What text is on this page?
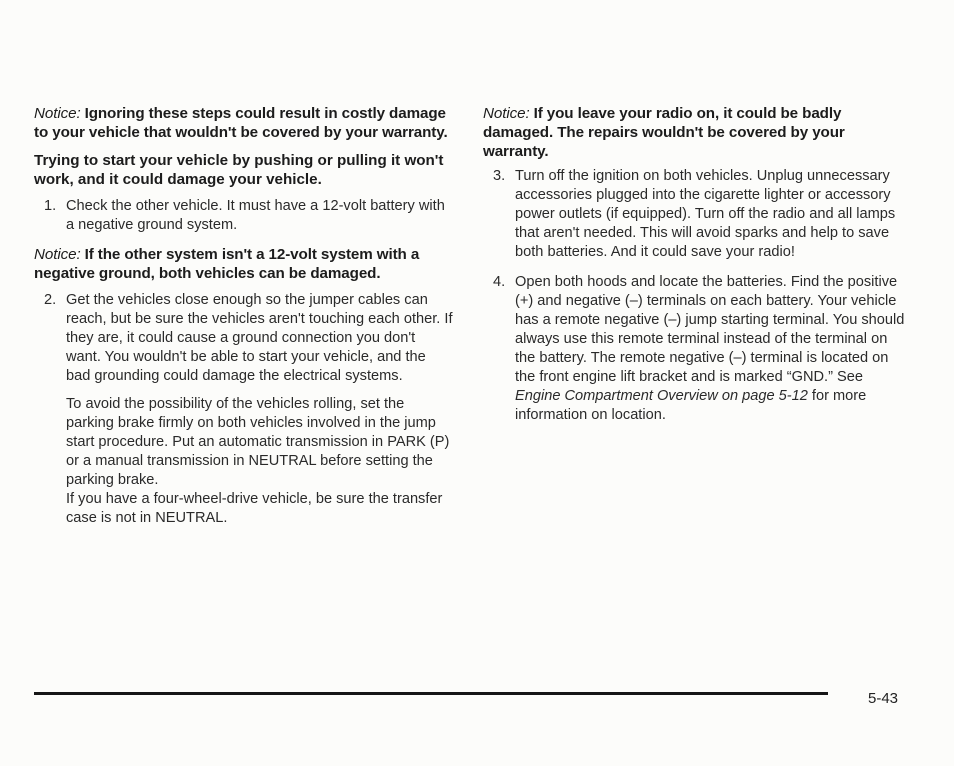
Notice: Ignoring these steps could result in costly damage to your vehicle that wouldn't be covered by your warranty.

Trying to start your vehicle by pushing or pulling it won't work, and it could damage your vehicle.

1. Check the other vehicle. It must have a 12-volt battery with a negative ground system.

Notice: If the other system isn't a 12-volt system with a negative ground, both vehicles can be damaged.

2. Get the vehicles close enough so the jumper cables can reach, but be sure the vehicles aren't touching each other. If they are, it could cause a ground connection you don't want. You wouldn't be able to start your vehicle, and the bad grounding could damage the electrical systems.

To avoid the possibility of the vehicles rolling, set the parking brake firmly on both vehicles involved in the jump start procedure. Put an automatic transmission in PARK (P) or a manual transmission in NEUTRAL before setting the parking brake.

If you have a four-wheel-drive vehicle, be sure the transfer case is not in NEUTRAL.

Notice: If you leave your radio on, it could be badly damaged. The repairs wouldn't be covered by your warranty.

3. Turn off the ignition on both vehicles. Unplug unnecessary accessories plugged into the cigarette lighter or accessory power outlets (if equipped). Turn off the radio and all lamps that aren't needed. This will avoid sparks and help to save both batteries. And it could save your radio!
4. Open both hoods and locate the batteries. Find the positive (+) and negative (–) terminals on each battery. Your vehicle has a remote negative (–) jump starting terminal. You should always use this remote terminal instead of the terminal on the battery. The remote negative (–) terminal is located on the front engine lift bracket and is marked “GND.” See Engine Compartment Overview on page 5-12 for more information on location.
5-43
